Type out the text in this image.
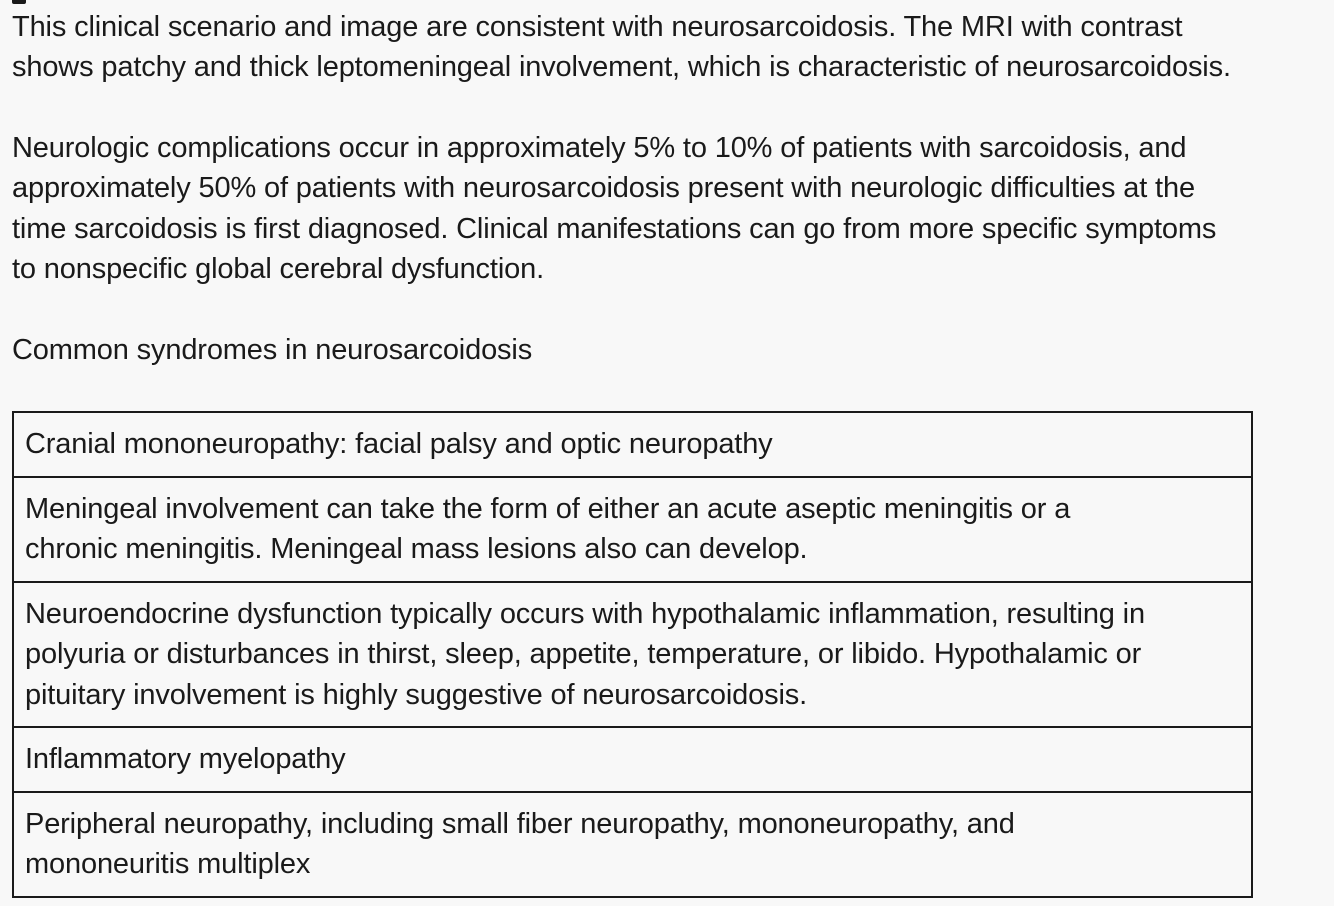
This clinical scenario and image are consistent with neurosarcoidosis. The MRI with contrast
shows patchy and thick leptomeningeal involvement, which is characteristic of neurosarcoidosis.

Neurologic complications occur in approximately 5% to 10% of patients with sarcoidosis, and
approximately 50% of patients with neurosarcoidosis present with neurologic difficulties at the
time sarcoidosis is first diagnosed. Clinical manifestations can go from more specific symptoms
to nonspecific global cerebral dysfunction.

Common syndromes in neurosarcoidosis

Cranial mononeuropathy: facial palsy and optic neuropathy
Meningeal involvement can take the form of either an acute aseptic meningitis or a
chronic meningitis. Meningeal mass lesions also can develop.
Neuroendocrine dysfunction typically occurs with hypothalamic inflammation, resulting in
polyuria or disturbances in thirst, sleep, appetite, temperature, or libido. Hypothalamic or
pituitary involvement is highly suggestive of neurosarcoidosis.
Inflammatory myelopathy
Peripheral neuropathy, including small fiber neuropathy, mononeuropathy, and
mononeuritis multiplex
